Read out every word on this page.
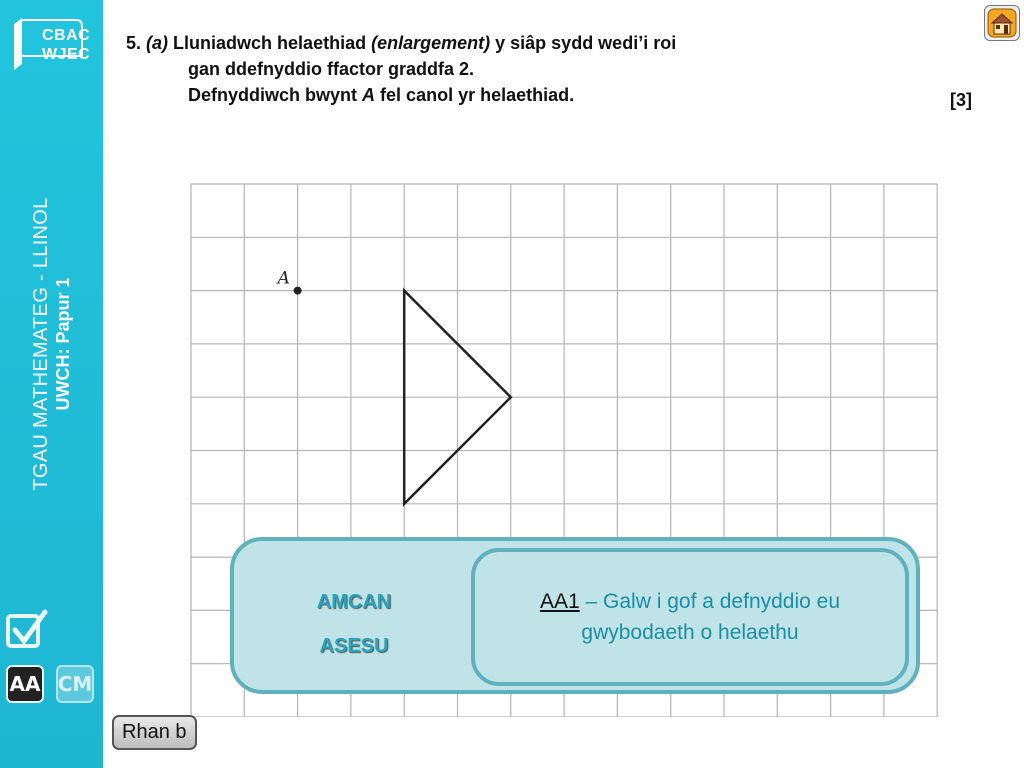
CBAC
WJEC
TGAU MATHEMATEG - LLINOL UWCH: Papur 1
AA CM
5. (a) Lluniadwch helaethiad (enlargement) y siâp sydd wedi’i roi
gan ddefnyddio ffactor graddfa 2.
Defnyddiwch bwynt A fel canol yr helaethiad.	[3]
A
AMCAN
ASESU
AA1 – Galw i gof a defnyddio eu gwybodaeth o helaethu
Rhan b
